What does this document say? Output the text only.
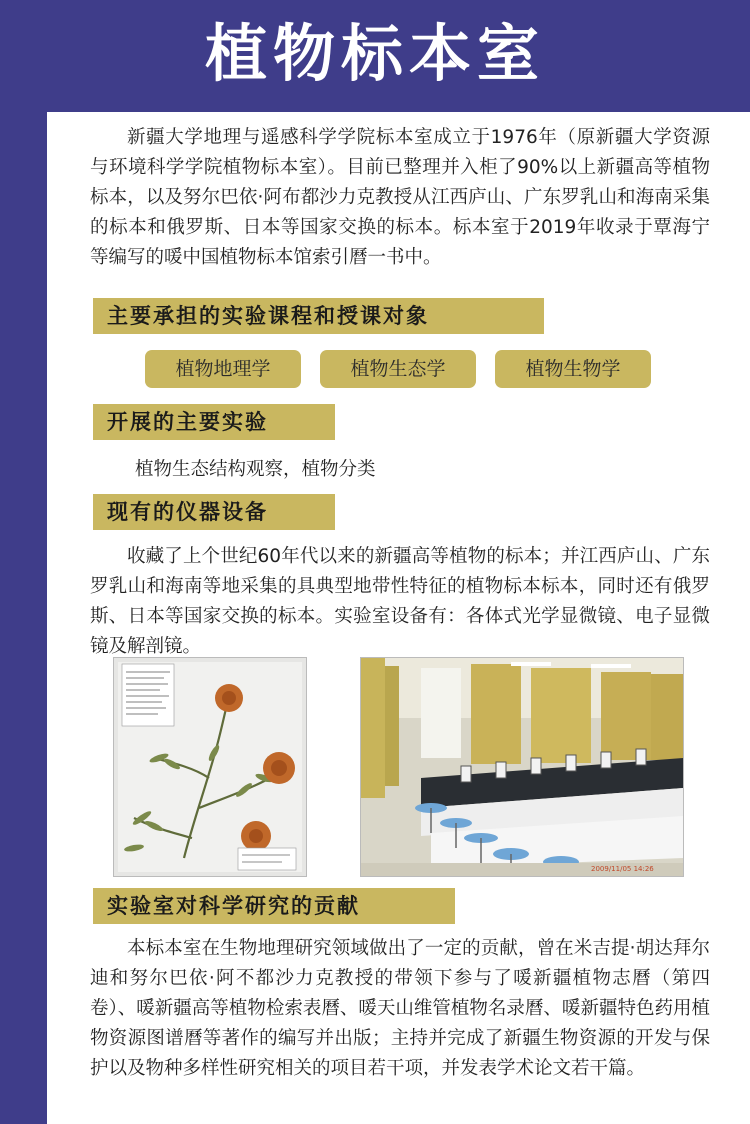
植物标本室

新疆大学地理与遥感科学学院标本室成立于1976年（原新疆大学资源与环境科学学院植物标本室）。目前已整理并入柜了90%以上新疆高等植物标本，以及努尔巴依·阿布都沙力克教授从江西庐山、广东罗乳山和海南采集的标本和俄罗斯、日本等国家交换的标本。标本室于2019年收录于覃海宁等编写的喛中国植物标本馆索引曆一书中。

主要承担的实验课程和授课对象
植物地理学	植物生态学	植物生物学
开展的主要实验

植物生态结构观察，植物分类

现有的仪器设备

收藏了上个世纪60年代以来的新疆高等植物的标本；并江西庐山、广东罗乳山和海南等地采集的具典型地带性特征的植物标本标本，同时还有俄罗斯、日本等国家交换的标本。实验室设备有：各体式光学显微镜、电子显微镜及解剖镜。

2009/11/05 14:26
实验室对科学研究的贡献

本标本室在生物地理研究领域做出了一定的贡献，曾在米吉提·胡达拜尔迪和努尔巴依·阿不都沙力克教授的带领下参与了喛新疆植物志曆（第四卷）、喛新疆高等植物检索表曆、喛天山维管植物名录曆、喛新疆特色药用植物资源图谱曆等著作的编写并出版；主持并完成了新疆生物资源的开发与保护以及物种多样性研究相关的项目若干项，并发表学术论文若干篇。
